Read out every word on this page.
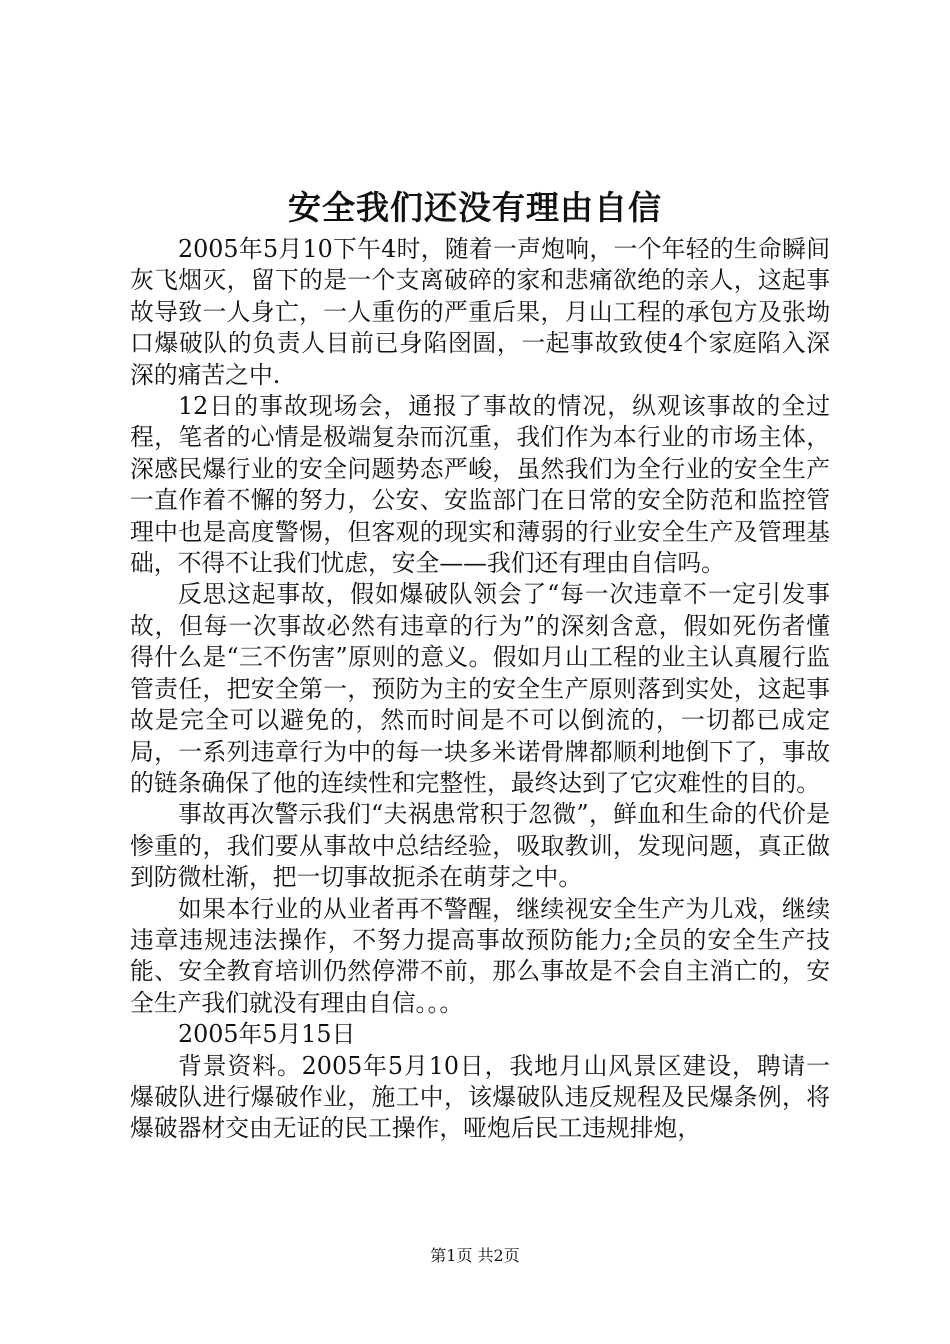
安全我们还没有理由自信

2005年5月10下午4时，随着一声炮响，一个年轻的生命瞬间灰飞烟灭，留下的是一个支离破碎的家和悲痛欲绝的亲人，这起事故导致一人身亡，一人重伤的严重后果，月山工程的承包方及张坳口爆破队的负责人目前已身陷囹圄，一起事故致使4个家庭陷入深深的痛苦之中.

12日的事故现场会，通报了事故的情况，纵观该事故的全过程，笔者的心情是极端复杂而沉重，我们作为本行业的市场主体，深感民爆行业的安全问题势态严峻，虽然我们为全行业的安全生产一直作着不懈的努力，公安、安监部门在日常的安全防范和监控管理中也是高度警惕，但客观的现实和薄弱的行业安全生产及管理基础，不得不让我们忧虑，安全——我们还有理由自信吗。

反思这起事故，假如爆破队领会了“每一次违章不一定引发事故，但每一次事故必然有违章的行为”的深刻含意，假如死伤者懂得什么是“三不伤害”原则的意义。假如月山工程的业主认真履行监管责任，把安全第一，预防为主的安全生产原则落到实处，这起事故是完全可以避免的，然而时间是不可以倒流的，一切都已成定局，一系列违章行为中的每一块多米诺骨牌都顺利地倒下了，事故的链条确保了他的连续性和完整性，最终达到了它灾难性的目的。

事故再次警示我们“夫祸患常积于忽微”，鲜血和生命的代价是惨重的，我们要从事故中总结经验，吸取教训，发现问题，真正做到防微杜渐，把一切事故扼杀在萌芽之中。

如果本行业的从业者再不警醒，继续视安全生产为儿戏，继续违章违规违法操作，不努力提高事故预防能力;全员的安全生产技能、安全教育培训仍然停滞不前，那么事故是不会自主消亡的，安全生产我们就没有理由自信。。。

2005年5月15日

背景资料。2005年5月10日，我地月山风景区建设，聘请一爆破队进行爆破作业，施工中，该爆破队违反规程及民爆条例，将爆破器材交由无证的民工操作，哑炮后民工违规排炮，

第1页 共2页
